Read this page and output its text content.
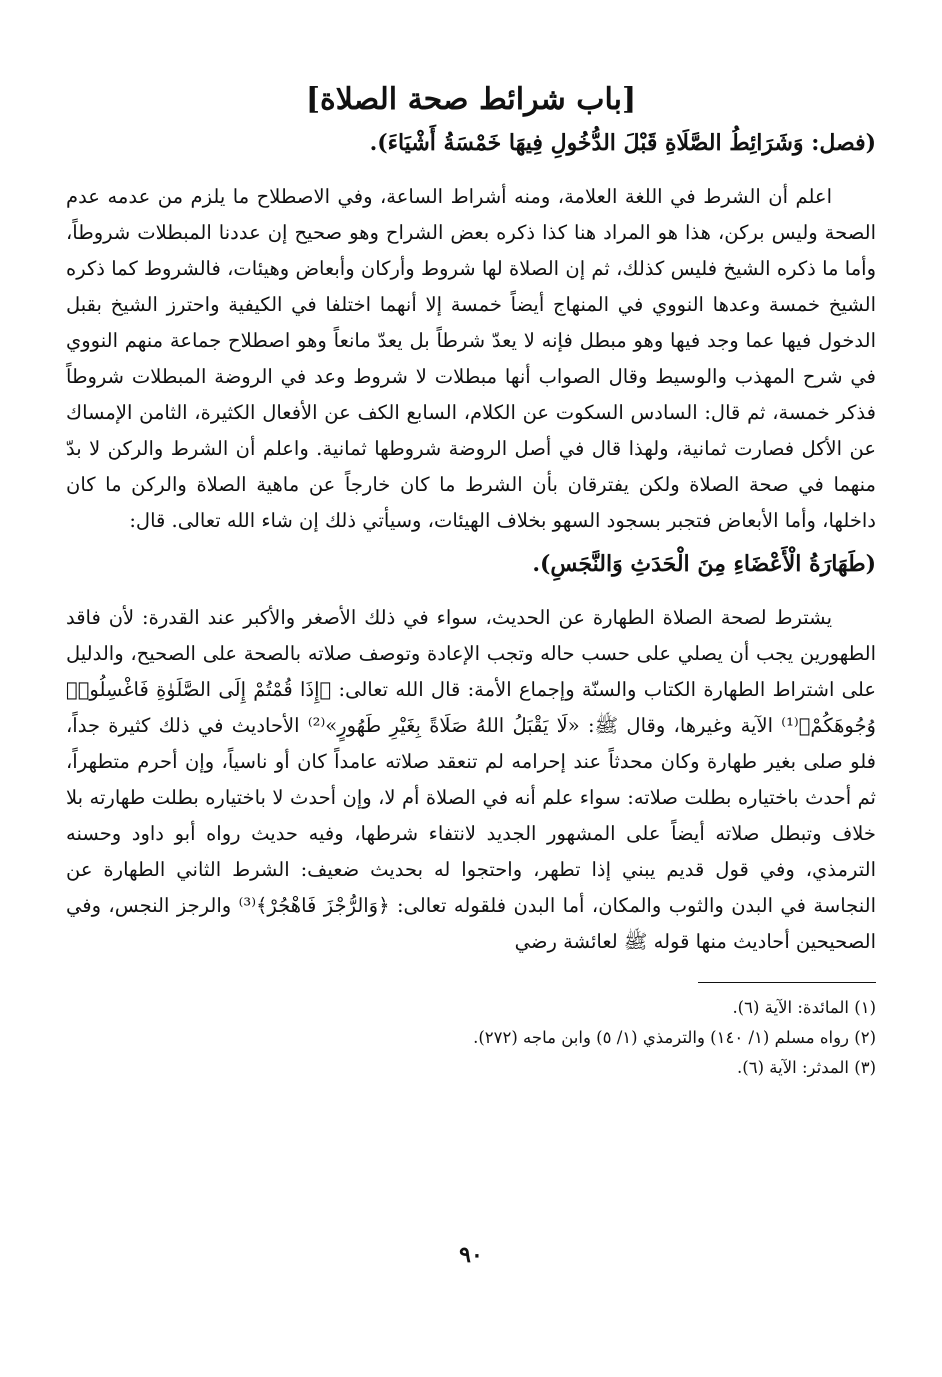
[باب شرائط صحة الصلاة]
(فصل: وَشَرَائِطُ الصَّلَاةِ قَبْلَ الدُّخُولِ فِيهَا خَمْسَةُ أَشْيَاءَ).

اعلم أن الشرط في اللغة العلامة، ومنه أشراط الساعة، وفي الاصطلاح ما يلزم من عدمه عدم الصحة وليس بركن، هذا هو المراد هنا كذا ذكره بعض الشراح وهو صحيح إن عددنا المبطلات شروطاً، وأما ما ذكره الشيخ فليس كذلك، ثم إن الصلاة لها شروط وأركان وأبعاض وهيئات، فالشروط كما ذكره الشيخ خمسة وعدها النووي في المنهاج أيضاً خمسة إلا أنهما اختلفا في الكيفية واحترز الشيخ بقبل الدخول فيها عما وجد فيها وهو مبطل فإنه لا يعدّ شرطاً بل يعدّ مانعاً وهو اصطلاح جماعة منهم النووي في شرح المهذب والوسيط وقال الصواب أنها مبطلات لا شروط وعد في الروضة المبطلات شروطاً فذكر خمسة، ثم قال: السادس السكوت عن الكلام، السابع الكف عن الأفعال الكثيرة، الثامن الإمساك عن الأكل فصارت ثمانية، ولهذا قال في أصل الروضة شروطها ثمانية. واعلم أن الشرط والركن لا بدّ منهما في صحة الصلاة ولكن يفترقان بأن الشرط ما كان خارجاً عن ماهية الصلاة والركن ما كان داخلها، وأما الأبعاض فتجبر بسجود السهو بخلاف الهيئات، وسيأتي ذلك إن شاء الله تعالى. قال:

(طَهَارَةُ الْأَعْضَاءِ مِنَ الْحَدَثِ وَالنَّجَسِ).

يشترط لصحة الصلاة الطهارة عن الحديث، سواء في ذلك الأصغر والأكبر عند القدرة: لأن فاقد الطهورين يجب أن يصلي على حسب حاله وتجب الإعادة وتوصف صلاته بالصحة على الصحيح، والدليل على اشتراط الطهارة الكتاب والسنّة وإجماع الأمة: قال الله تعالى: ﴿إِذَا قُمْتُمْ إِلَى الصَّلَوٰةِ فَاغْسِلُوا۟ وُجُوهَكُمْ﴾⁽¹⁾ الآية وغيرها، وقال ﷺ: «لَا يَقْبَلُ اللهُ صَلَاةً بِغَيْرِ طَهُورٍ»⁽²⁾ الأحاديث في ذلك كثيرة جداً، فلو صلى بغير طهارة وكان محدثاً عند إحرامه لم تنعقد صلاته عامداً كان أو ناسياً، وإن أحرم متطهراً، ثم أحدث باختياره بطلت صلاته: سواء علم أنه في الصلاة أم لا، وإن أحدث لا باختياره بطلت طهارته بلا خلاف وتبطل صلاته أيضاً على المشهور الجديد لانتفاء شرطها، وفيه حديث رواه أبو داود وحسنه الترمذي، وفي قول قديم يبني إذا تطهر، واحتجوا له بحديث ضعيف: الشرط الثاني الطهارة عن النجاسة في البدن والثوب والمكان، أما البدن فلقوله تعالى: ﴿وَالرُّجْزَ فَاهْجُرْ﴾⁽³⁾ والرجز النجس، وفي الصحيحين أحاديث منها قوله ﷺ لعائشة رضي

(١) المائدة: الآية (٦).

(٢) رواه مسلم (١/ ١٤٠) والترمذي (١/ ٥) وابن ماجه (٢٧٢).

(٣) المدثر: الآية (٦).

٩٠
